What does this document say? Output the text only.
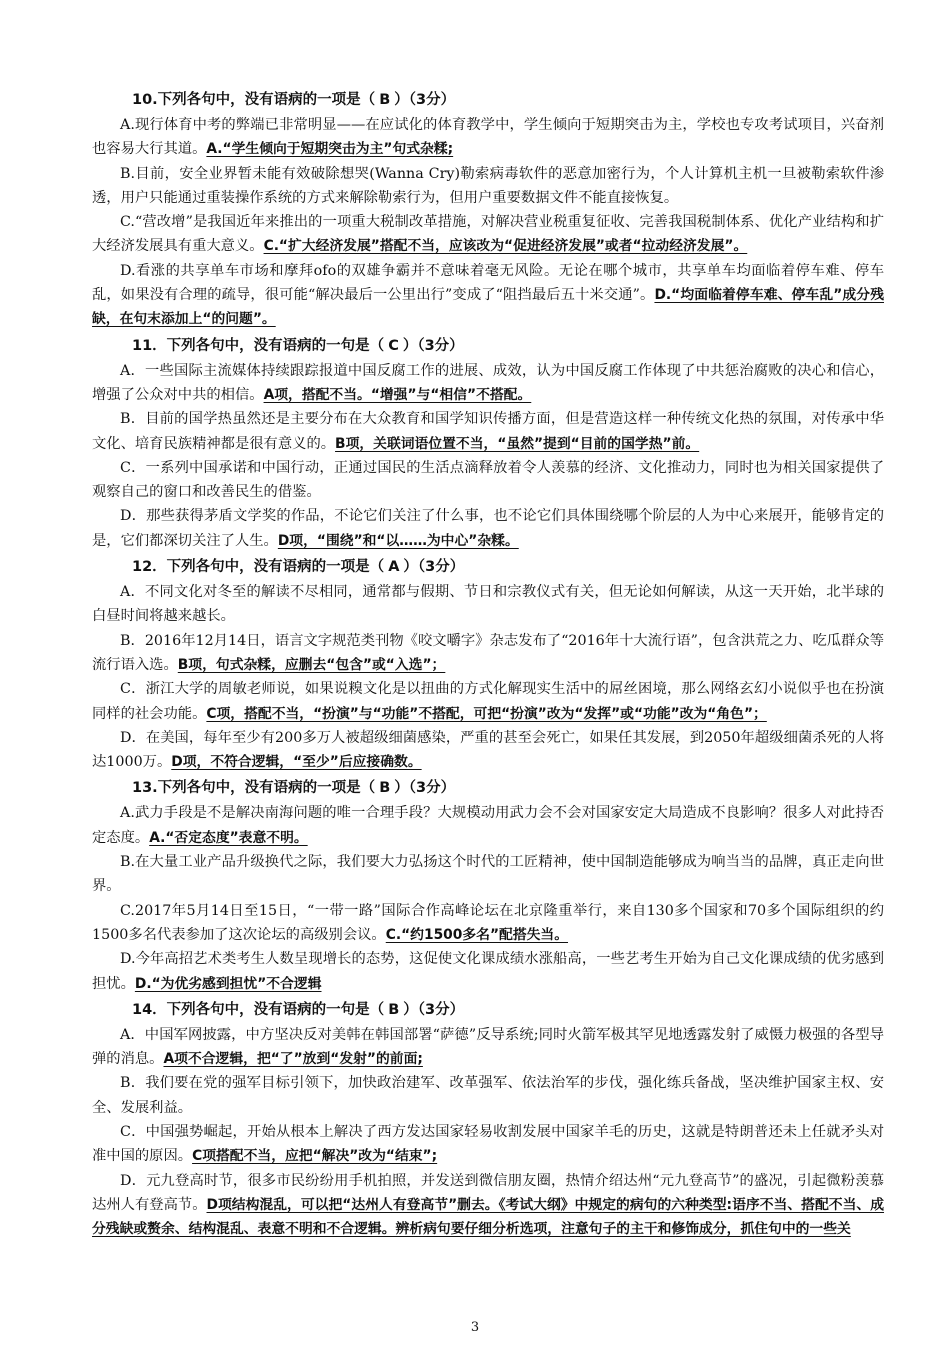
10.下列各句中，没有语病的一项是（ B ）（3分）

A.现行体育中考的弊端已非常明显——在应试化的体育教学中，学生倾向于短期突击为主，学校也专攻考试项目，兴奋剂也容易大行其道。A.“学生倾向于短期突击为主”句式杂糅;

B.目前，安全业界暂未能有效破除想哭(Wanna Cry)勒索病毒软件的恶意加密行为，个人计算机主机一旦被勒索软件渗透，用户只能通过重装操作系统的方式来解除勒索行为，但用户重要数据文件不能直接恢复。

C.“营改增”是我国近年来推出的一项重大税制改革措施，对解决营业税重复征收、完善我国税制体系、优化产业结构和扩大经济发展具有重大意义。C.“扩大经济发展”搭配不当，应该改为“促进经济发展”或者“拉动经济发展”。

D.看涨的共享单车市场和摩拜ofo的双雄争霸并不意味着毫无风险。无论在哪个城市，共享单车均面临着停车难、停车乱，如果没有合理的疏导，很可能“解决最后一公里出行”变成了“阻挡最后五十米交通”。D.“均面临着停车难、停车乱”成分残缺，在句末添加上“的问题”。

11．下列各句中，没有语病的一句是（ C ）（3分）

A．一些国际主流媒体持续跟踪报道中国反腐工作的进展、成效，认为中国反腐工作体现了中共惩治腐败的决心和信心，增强了公众对中共的相信。A项，搭配不当。“增强”与“相信”不搭配。

B．目前的国学热虽然还是主要分布在大众教育和国学知识传播方面，但是营造这样一种传统文化热的氛围，对传承中华文化、培育民族精神都是很有意义的。B项，关联词语位置不当，“虽然”提到“目前的国学热”前。

C．一系列中国承诺和中国行动，正通过国民的生活点滴释放着令人羡慕的经济、文化推动力，同时也为相关国家提供了观察自己的窗口和改善民生的借鉴。

D．那些获得茅盾文学奖的作品，不论它们关注了什么事，也不论它们具体围绕哪个阶层的人为中心来展开，能够肯定的是，它们都深切关注了人生。D项，“围绕”和“以……为中心”杂糅。

12．下列各句中，没有语病的一项是（ A ）（3分）

A．不同文化对冬至的解读不尽相同，通常都与假期、节日和宗教仪式有关，但无论如何解读，从这一天开始，北半球的白昼时间将越来越长。

B．2016年12月14日，语言文字规范类刊物《咬文嚼字》杂志发布了“2016年十大流行语”，包含洪荒之力、吃瓜群众等流行语入选。B项，句式杂糅，应删去“包含”或“入选”；

C．浙江大学的周敏老师说，如果说糗文化是以扭曲的方式化解现实生活中的屌丝困境，那么网络玄幻小说似乎也在扮演同样的社会功能。C项，搭配不当，“扮演”与“功能”不搭配，可把“扮演”改为“发挥”或“功能”改为“角色”；

D．在美国，每年至少有200多万人被超级细菌感染，严重的甚至会死亡，如果任其发展，到2050年超级细菌杀死的人将达1000万。D项，不符合逻辑，“至少”后应接确数。

13.下列各句中，没有语病的一项是（ B ）（3分）

A.武力手段是不是解决南海问题的唯一合理手段？大规模动用武力会不会对国家安定大局造成不良影响？很多人对此持否定态度。A.“否定态度”表意不明。

B.在大量工业产品升级换代之际，我们要大力弘扬这个时代的工匠精神，使中国制造能够成为响当当的品牌，真正走向世界。

C.2017年5月14日至15日，“一带一路”国际合作高峰论坛在北京隆重举行，来自130多个国家和70多个国际组织的约1500多名代表参加了这次论坛的高级别会议。C.“约1500多名”配搭失当。

D.今年高招艺术类考生人数呈现增长的态势，这促使文化课成绩水涨船高，一些艺考生开始为自己文化课成绩的优劣感到担忧。D.“为优劣感到担忧”不合逻辑

14．下列各句中，没有语病的一句是（ B ）（3分）

A．中国军网披露，中方坚决反对美韩在韩国部署“萨德”反导系统;同时火箭军极其罕见地透露发射了威慑力极强的各型导弹的消息。A项不合逻辑，把“了”放到“发射”的前面;

B．我们要在党的强军目标引领下，加快政治建军、改革强军、依法治军的步伐，强化练兵备战，坚决维护国家主权、安全、发展利益。

C．中国强势崛起，开始从根本上解决了西方发达国家轻易收割发展中国家羊毛的历史，这就是特朗普还未上任就矛头对准中国的原因。C项搭配不当，应把“解决”改为“结束”;

D．元九登高时节，很多市民纷纷用手机拍照，并发送到微信朋友圈，热情介绍达州“元九登高节”的盛况，引起微粉羡慕达州人有登高节。D项结构混乱，可以把“达州人有登高节”删去。《考试大纲》中规定的病句的六种类型:语序不当、搭配不当、成分残缺或赘余、结构混乱、表意不明和不合逻辑。辨析病句要仔细分析选项，注意句子的主干和修饰成分，抓住句中的一些关

3
